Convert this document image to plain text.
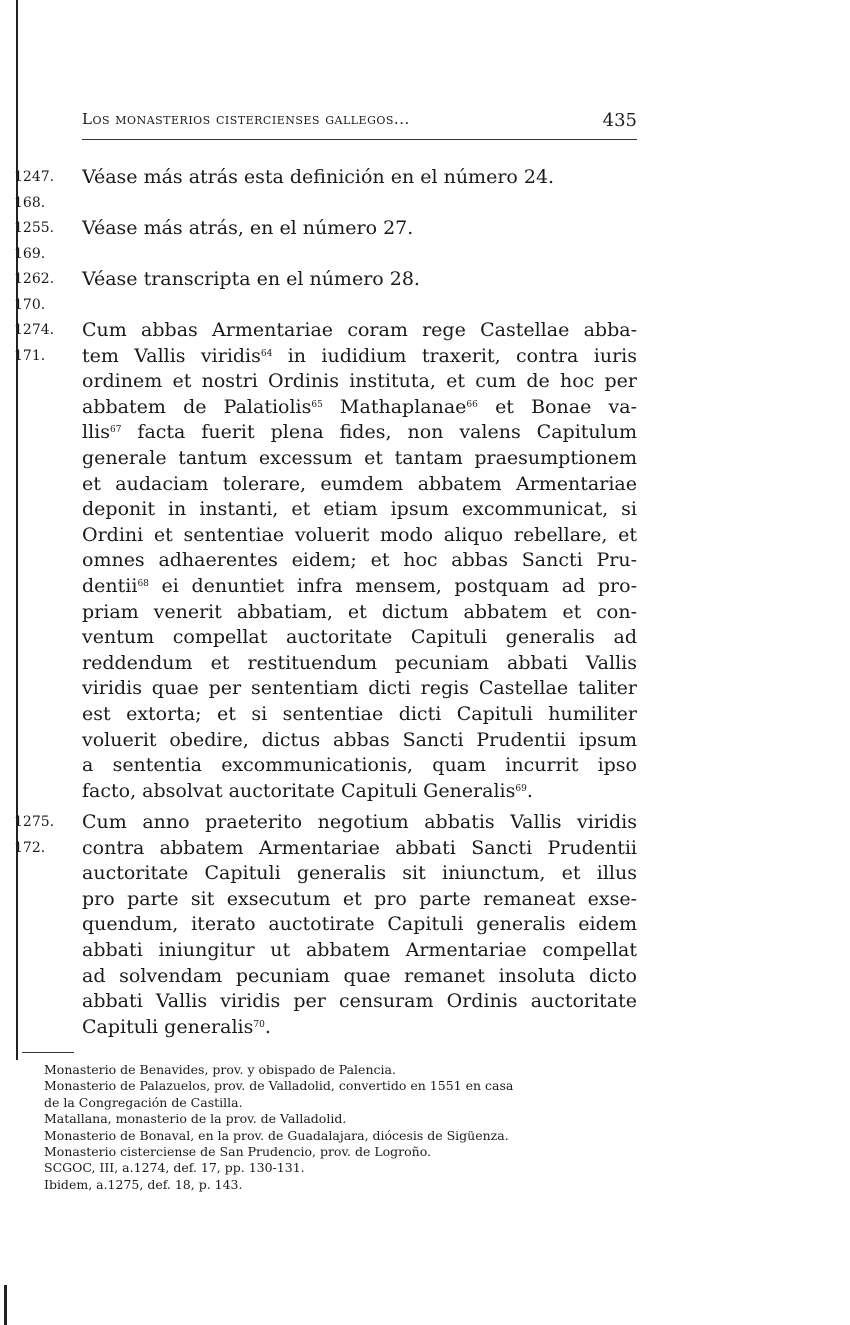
Los monasterios cistercienses gallegos...	435
1247.
168.
Véase más atrás esta definición en el número 24.
1255.
169.
Véase más atrás, en el número 27.
1262.
170.
Véase transcripta en el número 28.
1274.
171.
Cum abbas Armentariae coram rege Castellae abba-
tem Vallis viridis$^{64}$ in iudidium traxerit, contra iuris
ordinem et nostri Ordinis instituta, et cum de hoc per
abbatem de Palatiolis$^{65}$ Mathaplanae$^{66}$ et Bonae va-
llis$^{67}$ facta fuerit plena fides, non valens Capitulum
generale tantum excessum et tantam praesumptionem
et audaciam tolerare, eumdem abbatem Armentariae
deponit in instanti, et etiam ipsum excommunicat, si
Ordini et sententiae voluerit modo aliquo rebellare, et
omnes adhaerentes eidem; et hoc abbas Sancti Pru-
dentii$^{68}$ ei denuntiet infra mensem, postquam ad pro-
priam venerit abbatiam, et dictum abbatem et con-
ventum compellat auctoritate Capituli generalis ad
reddendum et restituendum pecuniam abbati Vallis
viridis quae per sententiam dicti regis Castellae taliter
est extorta; et si sententiae dicti Capituli humiliter
voluerit obedire, dictus abbas Sancti Prudentii ipsum
a sententia excommunicationis, quam incurrit ipso
facto, absolvat auctoritate Capituli Generalis$^{69}$.
1275.
172.
Cum anno praeterito negotium abbatis Vallis viridis
contra abbatem Armentariae abbati Sancti Prudentii
auctoritate Capituli generalis sit iniunctum, et illus
pro parte sit exsecutum et pro parte remaneat exse-
quendum, iterato auctotirate Capituli generalis eidem
abbati iniungitur ut abbatem Armentariae compellat
ad solvendam pecuniam quae remanet insoluta dicto
abbati Vallis viridis per censuram Ordinis auctoritate
Capituli generalis$^{70}$.
Monasterio de Benavides, prov. y obispado de Palencia.
Monasterio de Palazuelos, prov. de Valladolid, convertido en 1551 en casa
de la Congregación de Castilla.
Matallana, monasterio de la prov. de Valladolid.
Monasterio de Bonaval, en la prov. de Guadalajara, diócesis de Sigüenza.
Monasterio cisterciense de San Prudencio, prov. de Logroño.
SCGOC, III, a.1274, def. 17, pp. 130-131.
Ibidem, a.1275, def. 18, p. 143.
